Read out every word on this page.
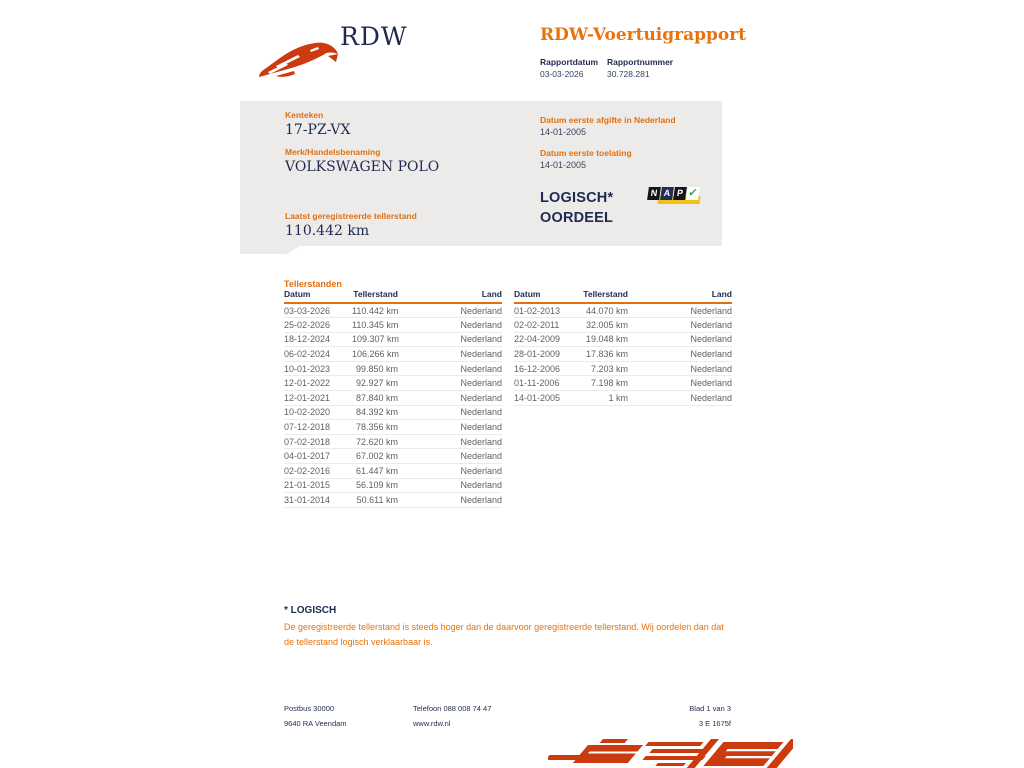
RDW	RDW-Voertuigrapport
Rapportdatum Rapportnummer
03-03-2026	30.728.281
Kenteken
17-PZ-VX
Merk/Handelsbenaming
VOLKSWAGEN POLO
Laatst geregistreerde tellerstand
110.442 km
Datum eerste afgifte in Nederland
14-01-2005
Datum eerste toelating
14-01-2005
LOGISCH*
OORDEEL
N A P ✓
Tellerstanden
Datum	Tellerstand	Land
03-03-2026	110.442 km	Nederland
25-02-2026	110.345 km	Nederland
18-12-2024	109.307 km	Nederland
06-02-2024	106.266 km	Nederland
10-01-2023	99.850 km	Nederland
12-01-2022	92.927 km	Nederland
12-01-2021	87.840 km	Nederland
10-02-2020	84.392 km	Nederland
07-12-2018	78.356 km	Nederland
07-02-2018	72.620 km	Nederland
04-01-2017	67.002 km	Nederland
02-02-2016	61.447 km	Nederland
21-01-2015	56.109 km	Nederland
31-01-2014	50.611 km	Nederland
Datum	Tellerstand	Land
01-02-2013	44.070 km	Nederland
02-02-2011	32.005 km	Nederland
22-04-2009	19.048 km	Nederland
28-01-2009	17.836 km	Nederland
16-12-2006	7.203 km	Nederland
01-11-2006	7.198 km	Nederland
14-01-2005	1 km	Nederland
* LOGISCH
De geregistreerde tellerstand is steeds hoger dan de daarvoor geregistreerde tellerstand. Wij oordelen dan dat de tellerstand logisch verklaarbaar is.
Postbus 30000
9640 RA Veendam
Telefoon 088 008 74 47
www.rdw.nl
Blad 1 van 3
3 E 1675f
